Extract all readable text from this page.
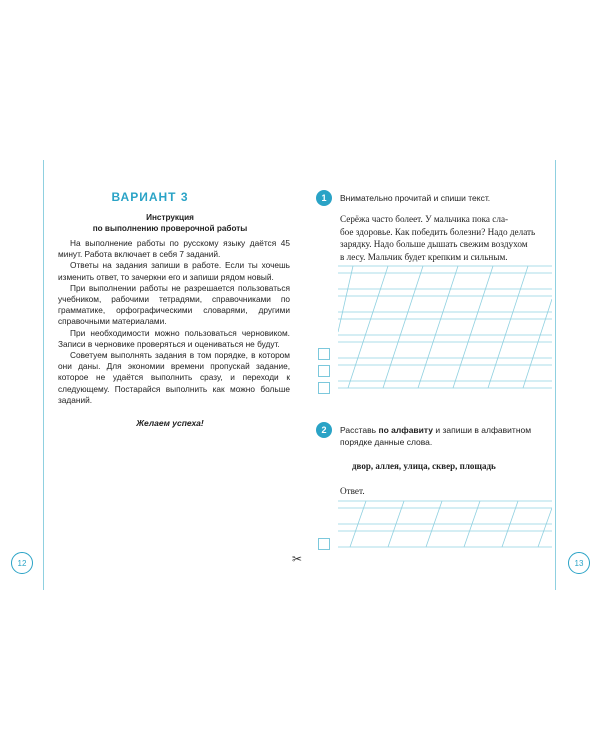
ВАРИАНТ 3
Инструкция
по выполнению проверочной работы

На выполнение работы по русскому языку даётся 45 минут. Работа включает в себя 7 заданий.

Ответы на задания запиши в работе. Если ты хочешь изменить ответ, то зачеркни его и запиши рядом новый.

При выполнении работы не разрешается пользоваться учебником, рабочими тетрадями, справочниками по грамматике, орфографическими словарями, другими справочными материалами.

При необходимости можно пользоваться черновиком. Записи в черновике проверяться и оцениваться не будут.

Советуем выполнять задания в том порядке, в котором они даны. Для экономии времени пропускай задание, которое не удаётся выполнить сразу, и переходи к следующему. Постарайся выполнить как можно больше заданий.

Желаем успеха!
12
1	Внимательно прочитай и спиши текст.
Серёжа часто болеет. У мальчика пока сла-
бое здоровье. Как победить болезни? Надо делать
зарядку. Надо больше дышать свежим воздухом
в лесу. Мальчик будет крепким и сильным.
2	Расставь по алфавиту и запиши в алфавитном
порядке данные слова.
двор, аллея, улица, сквер, площадь
Ответ.
13
✂
